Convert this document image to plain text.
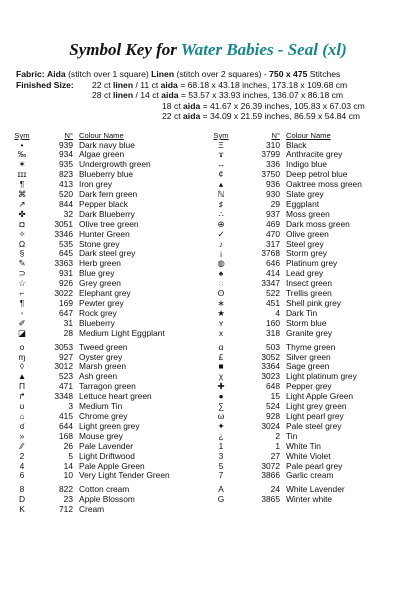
Symbol Key for Water Babies - Seal (xl)
Fabric: Aida (stitch over 1 square) Linen (stitch over 2 squares) - 750 x 475 Stitches
Finished Size: 22 ct linen / 11 ct aida = 68.18 x 43.18 inches, 173.18 x 109.68 cm
28 ct linen / 14 ct aida = 53.57 x 33.93 inches, 136.07 x 86.18 cm
18 ct aida = 41.67 x 26.39 inches, 105.83 x 67.03 cm
22 ct aida = 34.09 x 21.59 inches, 86.59 x 54.84 cm
Sym	N° Colour Name
•	939 Dark navy blue
‰	934 Algae green
✶	935 Undergrowth green
ɪɪɪ	823 Blueberry blue
¶	413 Iron grey
⌘	520 Dark fern green
↗	844 Pepper black
✤	32 Dark Blueberry
◘	3051 Olive tree green
✧	3346 Hunter Green
Ω	535 Stone grey
§	645 Dark steel grey
✎	3363 Herb green
⊃	931 Blue grey
☆	926 Grey green
⌐	3022 Elephant grey
¶	169 Pewter grey
◦	647 Rock grey
✐	31 Blueberry
◪	28 Medium Light Eggplant
o	3053 Tweed green
ɱ	927 Oyster grey
◊	3012 Marsh green
▲	523 Ash green
Π	471 Tarragon green
↱	3348 Lettuce heart green
ʊ	3 Medium Tin
⌂	415 Chrome grey
ʛ	644 Light green grey
»	168 Mouse grey
⁄⁄	26 Pale Lavender
2	5 Light Driftwood
4	14 Pale Apple Green
6	10 Very Light Tender Green
8	822 Cotton cream
D	23 Apple Blossom
K	712 Cream
Sym	N° Colour Name
Ξ	310 Black
ϫ	3799 Anthracite grey
↔	336 Indigo blue
¢	3750 Deep petrol blue
▴	936 Oaktree moss green
ℕ	930 Slate grey
♯	29 Eggplant
∴	937 Moss green
⊕	469 Dark moss green
✓	470 Olive green
♪	317 Steel grey
¡	3768 Storm grey
◍	646 Platinum grey
♠	414 Lead grey
◌	3347 Insect green
ʘ	522 Trellis green
∗	451 Shell pink grey
★	4 Dark Tin
ʏ	160 Storm blue
x	318 Granite grey
ɑ	503 Thyme green
£	3052 Silver green
■	3364 Sage green
χ	3023 Light platinum grey
✚	648 Pepper grey
●	15 Light Apple Green
∑	524 Light grey green
ω	928 Light pearl grey
✦	3024 Pale steel grey
¿	2 Tin
1	1 White Tin
3	27 White Violet
5	3072 Pale pearl grey
7	3866 Garlic cream
A	24 White Lavender
G	3865 Winter white
